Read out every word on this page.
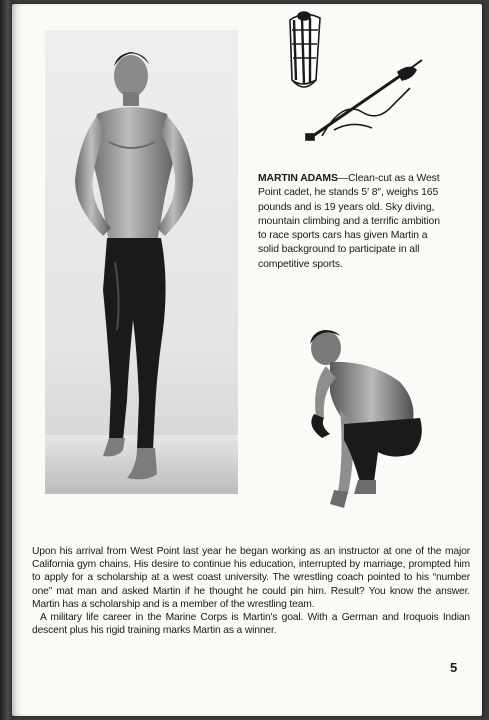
MARTIN ADAMS—Clean-cut as a West Point cadet, he stands 5′ 8″, weighs 165 pounds and is 19 years old. Sky diving, mountain climbing and a terrific ambition to race sports cars has given Martin a solid background to participate in all competitive sports.

Upon his arrival from West Point last year he began working as an instructor at one of the major California gym chains. His desire to continue his education, interrupted by marriage, prompted him to apply for a scholarship at a west coast university. The wrestling coach pointed to his “number one” mat man and asked Martin if he thought he could pin him. Result? You know the answer. Martin has a scholarship and is a member of the wrestling team.

A military life career in the Marine Corps is Martin's goal. With a German and Iroquois Indian descent plus his rigid training marks Martin as a winner.

5
